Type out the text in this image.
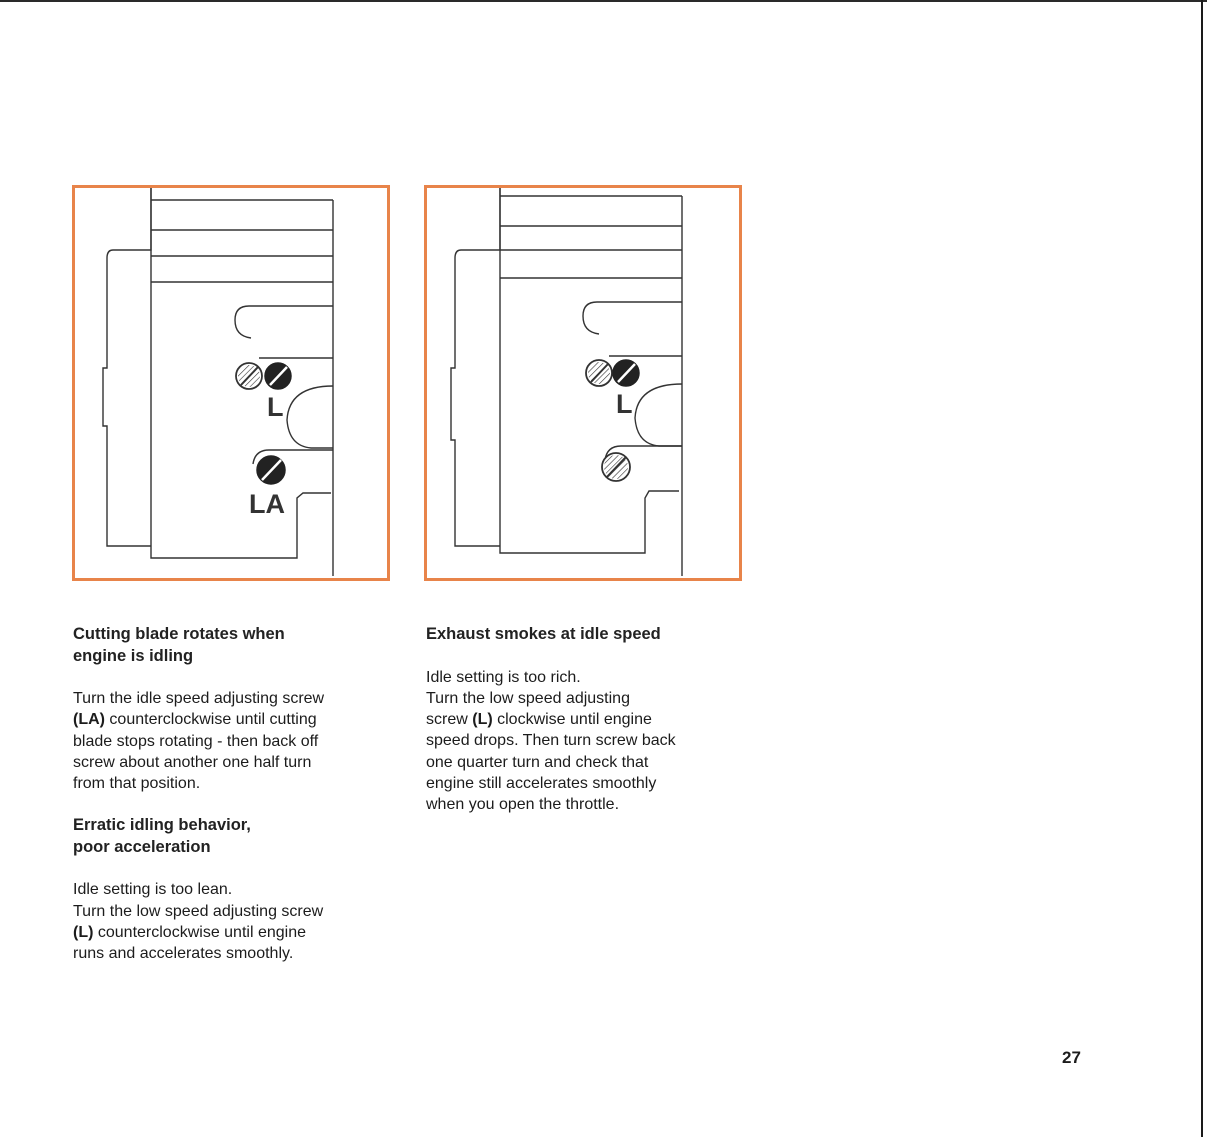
L
LA
L
Cutting blade rotates when
engine is idling

Turn the idle speed adjusting screw (LA) counterclockwise until cutting blade stops rotating - then back off screw about another one half turn from that position.

Erratic idling behavior,
poor acceleration

Idle setting is too lean.
Turn the low speed adjusting screw (L) counterclockwise until engine runs and accelerates smoothly.

Exhaust smokes at idle speed

Idle setting is too rich.
Turn the low speed adjusting screw (L) clockwise until engine speed drops. Then turn screw back one quarter turn and check that engine still accelerates smoothly when you open the throttle.

27
